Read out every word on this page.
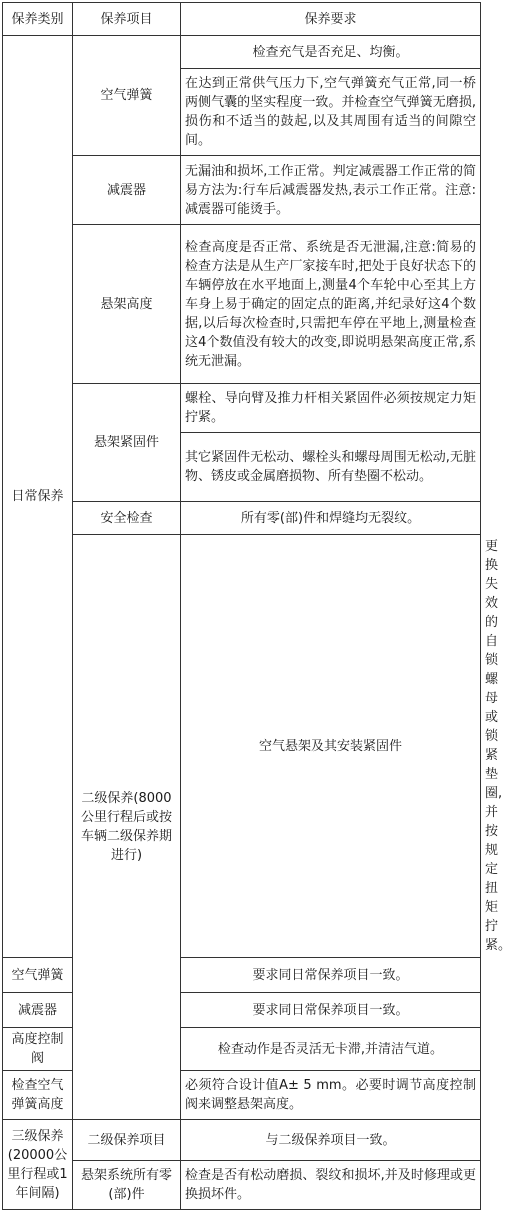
保养类别	保养项目	保养要求	
日常保养	空气弹簧	检查充气是否充足、均衡。	
		在达到正常供气压力下,空气弹簧充气正常,同一桥两侧气囊的坚实程度一致。并检查空气弹簧无磨损,损伤和不适当的鼓起,以及其周围有适当的间隙空间。	
	减震器	无漏油和损坏,工作正常。判定减震器工作正常的简易方法为:行车后减震器发热,表示工作正常。注意:减震器可能烫手。	
	悬架高度	检查高度是否正常、系统是否无泄漏,注意:简易的检查方法是从生产厂家接车时,把处于良好状态下的车辆停放在水平地面上,测量4个车轮中心至其上方车身上易于确定的固定点的距离,并纪录好这4个数据,以后每次检查时,只需把车停在平地上,测量检查这4个数值没有较大的改变,即说明悬架高度正常,系统无泄漏。	
	悬架紧固件	螺栓、导向臂及推力杆相关紧固件必须按规定力矩拧紧。	
		其它紧固件无松动、螺栓头和螺母周围无松动,无脏物、锈皮或金属磨损物、所有垫圈不松动。	
	安全检查	所有零(部)件和焊缝均无裂纹。	
	二级保养(8000公里行程后或按车辆二级保养期进行)	空气悬架及其安装紧固件	更换失效的自锁螺母或锁紧垫圈,并按规定扭矩拧紧。
空气弹簧		要求同日常保养项目一致。	
减震器		要求同日常保养项目一致。	
高度控制阀		检查动作是否灵活无卡滞,并清洁气道。	
检查空气弹簧高度		必须符合设计值A± 5 mm。必要时调节高度控制阀来调整悬架高度。	
三级保养(20000公里行程或1年间隔)	二级保养项目	与二级保养项目一致。	
	悬架系统所有零(部)件	检查是否有松动磨损、裂纹和损坏,并及时修理或更换损坏件。	
